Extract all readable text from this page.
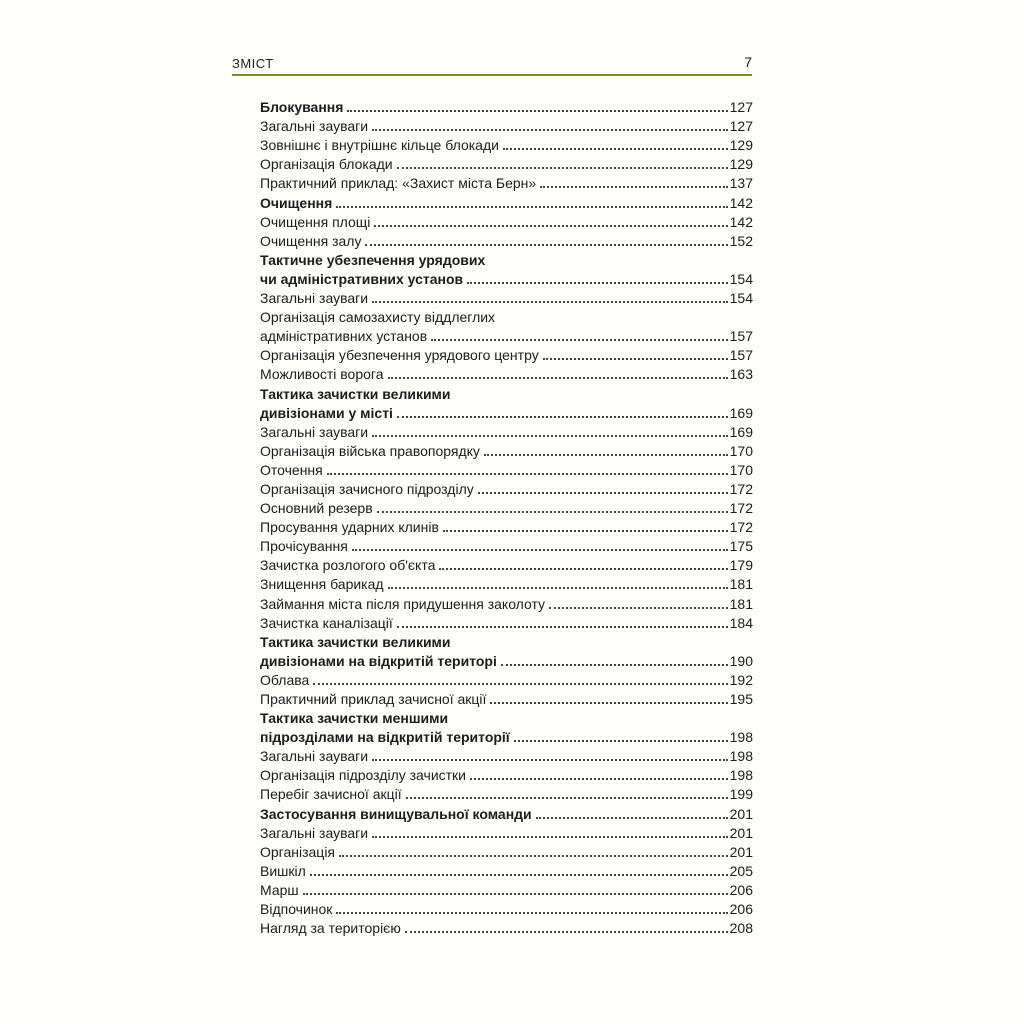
ЗМІСТ	7
Блокування	127
Загальні зауваги	127
Зовнішнє і внутрішнє кільце блокади	129
Організація блокади	129
Практичний приклад: «Захист міста Берн»	137
Очищення	142
Очищення площі	142
Очищення залу	152
Тактичне убезпечення урядових
чи адміністративних установ	154
Загальні зауваги	154
Організація самозахисту віддлеглих
адміністративних установ	157
Організація убезпечення урядового центру	157
Можливості ворога	163
Тактика зачистки великими
дивізіонами у місті	169
Загальні зауваги	169
Організація війська правопорядку	170
Оточення	170
Організація зачисного підрозділу	172
Основний резерв	172
Просування ударних клинів	172
Прочісування	175
Зачистка розлогого об'єкта	179
Знищення барикад	181
Займання міста після придушення заколоту	181
Зачистка каналізації	184
Тактика зачистки великими
дивізіонами на відкритій територі	190
Облава	192
Практичний приклад зачисної акції	195
Тактика зачистки меншими
підрозділами на відкритій території	198
Загальні зауваги	198
Організація підрозділу зачистки	198
Перебіг зачисної акції	199
Застосування винищувальної команди	201
Загальні зауваги	201
Організація	201
Вишкіл	205
Марш	206
Відпочинок	206
Нагляд за територією	208
